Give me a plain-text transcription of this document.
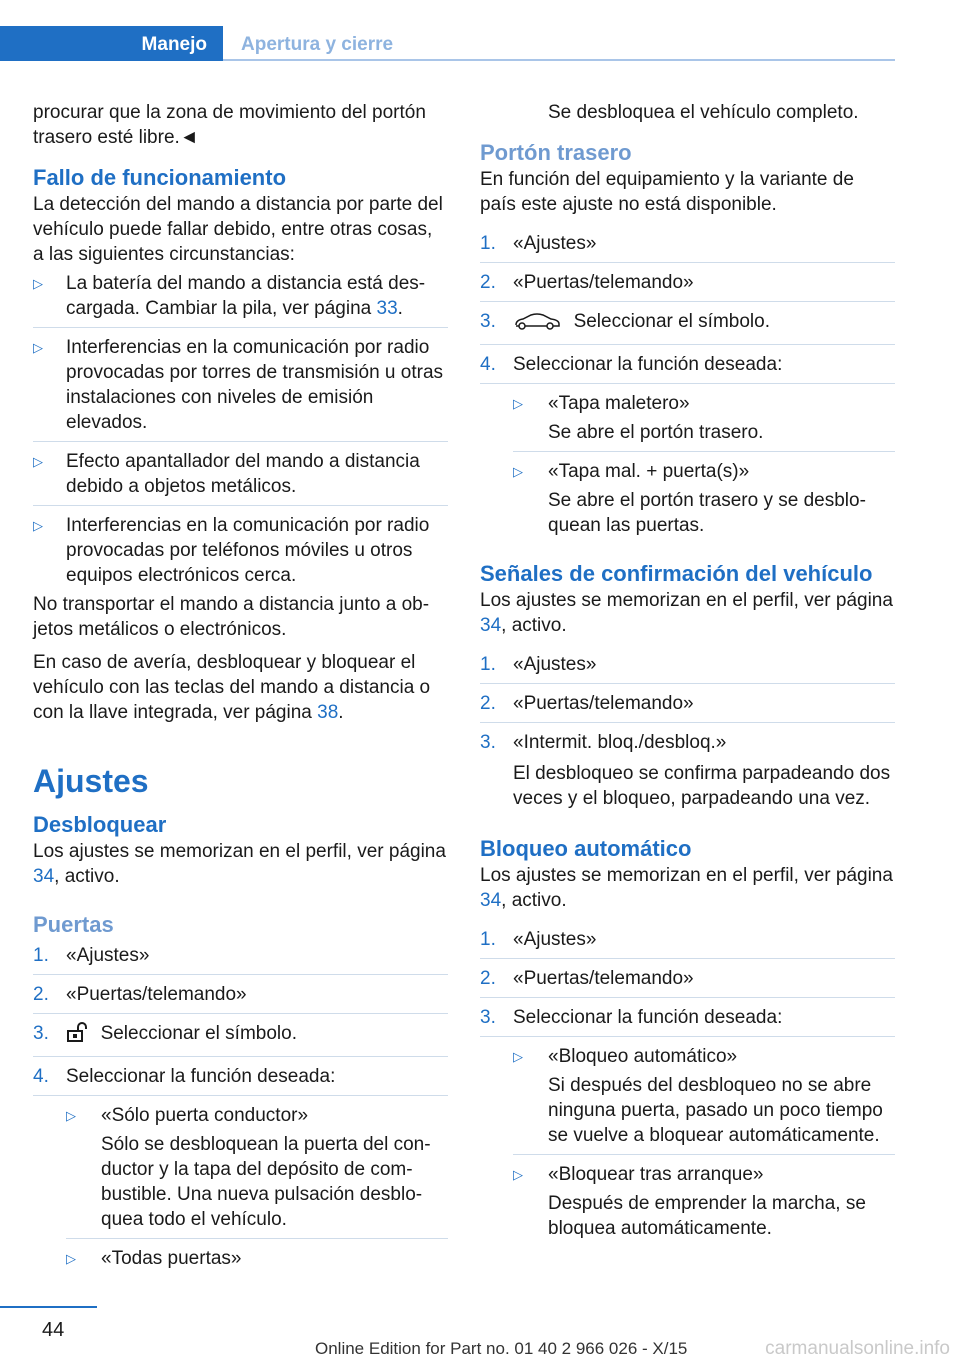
Manejo	Apertura y cierre

procurar que la zona de movimiento del portón trasero esté libre.◄

Fallo de funcionamiento

La detección del mando a distancia por parte del vehículo puede fallar debido, entre otras cosas, a las siguientes circunstancias:

▷	La batería del mando a distancia está descargada. Cambiar la pila, ver página 33.
▷	Interferencias en la comunicación por radio provocadas por torres de transmisión u otras instalaciones con niveles de emisión elevados.
▷	Efecto apantallador del mando a distancia debido a objetos metálicos.
▷	Interferencias en la comunicación por radio provocadas por teléfonos móviles u otros equipos electrónicos cerca.

No transportar el mando a distancia junto a objetos metálicos o electrónicos.

En caso de avería, desbloquear y bloquear el vehículo con las teclas del mando a distancia o con la llave integrada, ver página 38.

Ajustes
Desbloquear

Los ajustes se memorizan en el perfil, ver página 34, activo.

Puertas
1. «Ajustes»
2. «Puertas/telemando»
3.	Seleccionar el símbolo.
4. Seleccionar la función deseada:
▷	«Sólo puerta conductor»

Sólo se desbloquean la puerta del conductor y la tapa del depósito de combustible. Una nueva pulsación desbloquea todo el vehículo.

▷	«Todas puertas»

Se desbloquea el vehículo completo.

Portón trasero

En función del equipamiento y la variante de país este ajuste no está disponible.

1. «Ajustes»
2. «Puertas/telemando»
3.	Seleccionar el símbolo.
4. Seleccionar la función deseada:
▷	«Tapa maletero»

Se abre el portón trasero.

▷	«Tapa mal. + puerta(s)»

Se abre el portón trasero y se desbloquean las puertas.

Señales de confirmación del vehículo

Los ajustes se memorizan en el perfil, ver página 34, activo.

1. «Ajustes»
2. «Puertas/telemando»
3. «Intermit. bloq./desbloq.»

El desbloqueo se confirma parpadeando dos veces y el bloqueo, parpadeando una vez.

Bloqueo automático

Los ajustes se memorizan en el perfil, ver página 34, activo.

1. «Ajustes»
2. «Puertas/telemando»
3. Seleccionar la función deseada:
▷	«Bloqueo automático»

Si después del desbloqueo no se abre ninguna puerta, pasado un poco tiempo se vuelve a bloquear automáticamente.

▷	«Bloquear tras arranque»

Después de emprender la marcha, se bloquea automáticamente.

44
Online Edition for Part no. 01 40 2 966 026 - X/15	carmanualsonline.info
